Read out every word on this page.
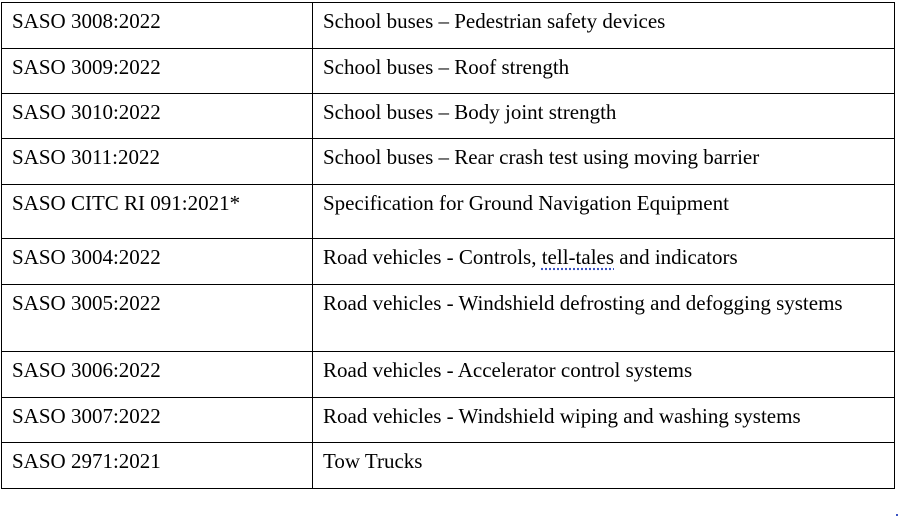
SASO 3008:2022	School buses – Pedestrian safety devices
SASO 3009:2022	School buses – Roof strength
SASO 3010:2022	School buses – Body joint strength
SASO 3011:2022	School buses – Rear crash test using moving barrier
SASO CITC RI 091:2021*	Specification for Ground Navigation Equipment
SASO 3004:2022	Road vehicles - Controls, tell-tales and indicators
SASO 3005:2022	Road vehicles - Windshield defrosting and defogging systems
SASO 3006:2022	Road vehicles - Accelerator control systems
SASO 3007:2022	Road vehicles - Windshield wiping and washing systems
SASO 2971:2021	Tow Trucks
